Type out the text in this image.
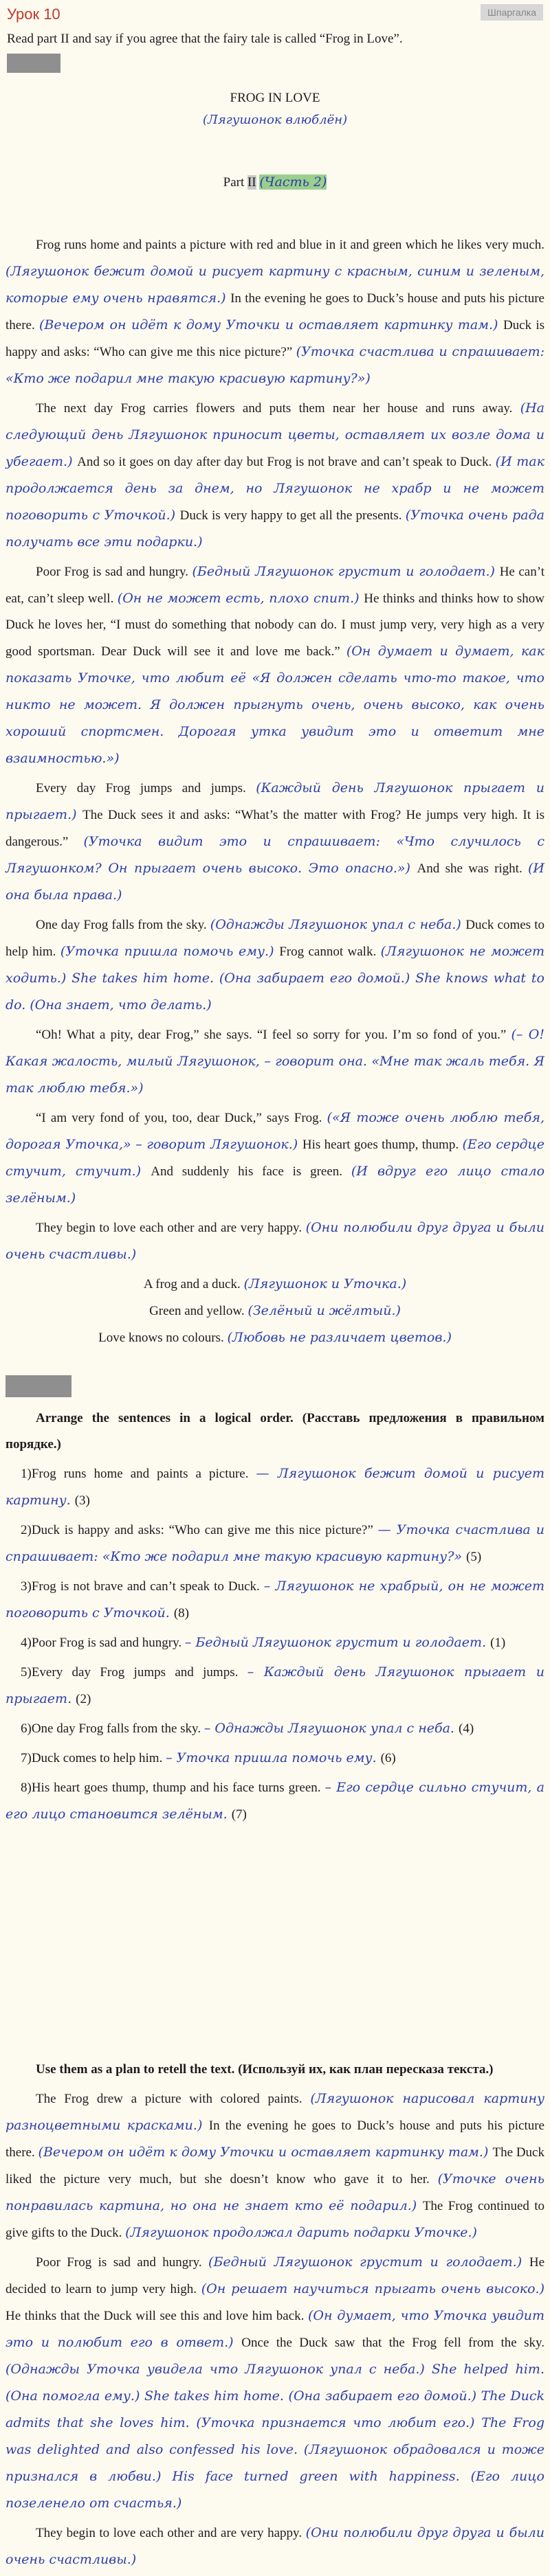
Урок 10	Шпаргалка
Read part II and say if you agree that the fairy tale is called “Frog in Love”.
FROG IN LOVE
(Лягушонок влюблён)
Part II (Часть 2)

Frog runs home and paints a picture with red and blue in it and green which he likes very much. (Лягушонок бежит домой и рисует картину с красным, синим и зеленым, которые ему очень нравятся.) In the evening he goes to Duck’s house and puts his picture there. (Вечером он идёт к дому Уточки и оставляет картинку там.) Duck is happy and asks: “Who can give me this nice picture?” (Уточка счастлива и спрашивает: «Кто же подарил мне такую красивую картину?»)

The next day Frog carries flowers and puts them near her house and runs away. (На следующий день Лягушонок приносит цветы, оставляет их возле дома и убегает.) And so it goes on day after day but Frog is not brave and can’t speak to Duck. (И так продолжается день за днем, но Лягушонок не храбр и не может поговорить с Уточкой.) Duck is very happy to get all the presents. (Уточка очень рада получать все эти подарки.)

Poor Frog is sad and hungry. (Бедный Лягушонок грустит и голодает.) He can’t eat, can’t sleep well. (Он не может есть, плохо спит.) He thinks and thinks how to show Duck he loves her, “I must do something that nobody can do. I must jump very, very high as a very good sportsman. Dear Duck will see it and love me back.” (Он думает и думает, как показать Уточке, что любит её «Я должен сделать что-то такое, что никто не может. Я должен прыгнуть очень, очень высоко, как очень хороший спортсмен. Дорогая утка увидит это и ответит мне взаимностью.»)

Every day Frog jumps and jumps. (Каждый день Лягушонок прыгает и прыгает.) The Duck sees it and asks: “What’s the matter with Frog? He jumps very high. It is dangerous.” (Уточка видит это и спрашивает: «Что случилось с Лягушонком? Он прыгает очень высоко. Это опасно.») And she was right. (И она была права.)

One day Frog falls from the sky. (Однажды Лягушонок упал с неба.) Duck comes to help him. (Уточка пришла помочь ему.) Frog cannot walk. (Лягушонок не может ходить.) She takes him home. (Она забирает его домой.) She knows what to do. (Она знает, что делать.)

“Oh! What a pity, dear Frog,” she says. “I feel so sorry for you. I’m so fond of you.” (– О! Какая жалость, милый Лягушонок, – говорит она. «Мне так жаль тебя. Я так люблю тебя.»)

“I am very fond of you, too, dear Duck,” says Frog. («Я тоже очень люблю тебя, дорогая Уточка,» – говорит Лягушонок.) His heart goes thump, thump. (Его сердце стучит, стучит.) And suddenly his face is green. (И вдруг его лицо стало зелёным.)

They begin to love each other and are very happy. (Они полюбили друг друга и были очень счастливы.)

A frog and a duck. (Лягушонок и Уточка.)

Green and yellow. (Зелёный и жёлтый.)

Love knows no colours. (Любовь не различает цветов.)

Arrange the sentences in a logical order. (Расставь предложения в правильном порядке.)

1)Frog runs home and paints a picture. — Лягушонок бежит домой и рисует картину. (3)

2)Duck is happy and asks: “Who can give me this nice picture?” — Уточка счастлива и спрашивает: «Кто же подарил мне такую красивую картину?» (5)

3)Frog is not brave and can’t speak to Duck. – Лягушонок не храбрый, он не может поговорить с Уточкой. (8)

4)Poor Frog is sad and hungry. – Бедный Лягушонок грустит и голодает. (1)

5)Every day Frog jumps and jumps. – Каждый день Лягушонок прыгает и прыгает. (2)

6)One day Frog falls from the sky. – Однажды Лягушонок упал с неба. (4)

7)Duck comes to help him. – Уточка пришла помочь ему. (6)

8)His heart goes thump, thump and his face turns green. – Его сердце сильно стучит, а его лицо становится зелёным. (7)

Use them as a plan to retell the text. (Используй их, как план пересказа текста.)

The Frog drew a picture with colored paints. (Лягушонок нарисовал картину разноцветными красками.) In the evening he goes to Duck’s house and puts his picture there. (Вечером он идёт к дому Уточки и оставляет картинку там.) The Duck liked the picture very much, but she doesn’t know who gave it to her. (Уточке очень понравилась картина, но она не знает кто её подарил.) The Frog continued to give gifts to the Duck. (Лягушонок продолжал дарить подарки Уточке.)

Poor Frog is sad and hungry. (Бедный Лягушонок грустит и голодает.) He decided to learn to jump very high. (Он решает научиться прыгать очень высоко.) He thinks that the Duck will see this and love him back. (Он думает, что Уточка увидит это и полюбит его в ответ.) Once the Duck saw that the Frog fell from the sky. (Однажды Уточка увидела что Лягушонок упал с неба.) She helped him. (Она помогла ему.) She takes him home. (Она забирает его домой.) The Duck admits that she loves him. (Уточка признается что любит его.) The Frog was delighted and also confessed his love. (Лягушонок обрадовался и тоже признался в любви.) His face turned green with happiness. (Его лицо позеленело от счастья.)

They begin to love each other and are very happy. (Они полюбили друг друга и были очень счастливы.)
